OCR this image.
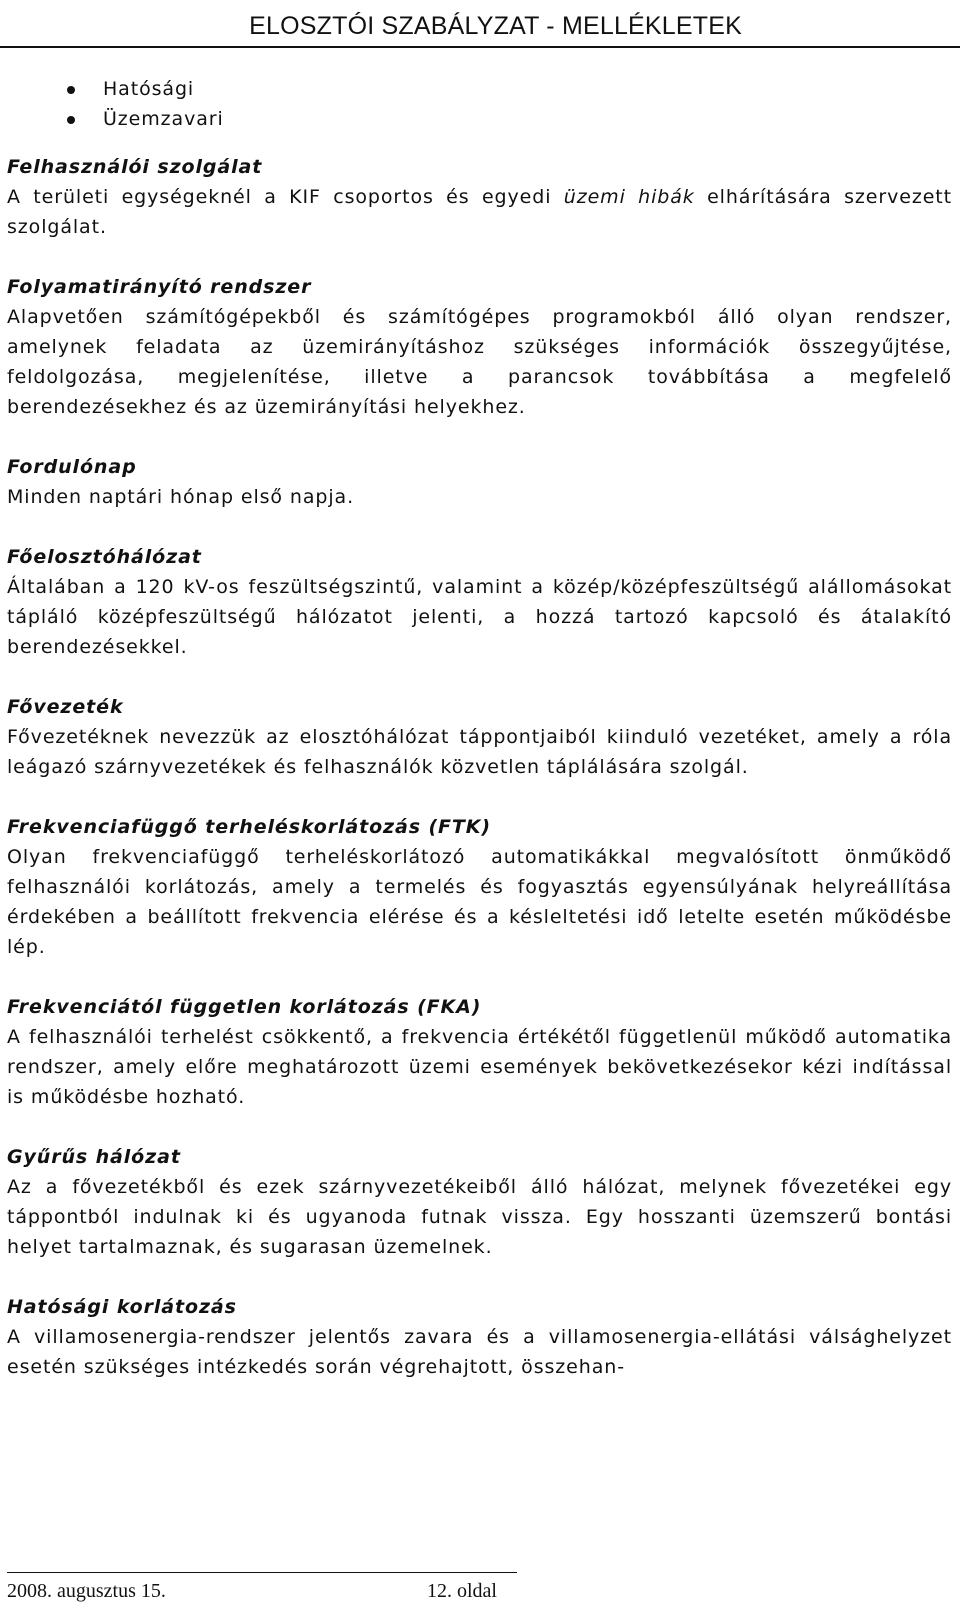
ELOSZTÓI SZABÁLYZAT - MELLÉKLETEK
Hatósági
Üzemzavari

Felhasználói szolgálat

A területi egységeknél a KIF csoportos és egyedi üzemi hibák elhárítására szervezett szolgálat.

Folyamatirányító rendszer

Alapvetően számítógépekből és számítógépes programokból álló olyan rendszer, amelynek feladata az üzemirányításhoz szükséges információk összegyűjtése, feldolgozása, megjelenítése, illetve a parancsok továbbítása a megfelelő berendezésekhez és az üzemirányítási helyekhez.

Fordulónap

Minden naptári hónap első napja.

Főelosztóhálózat

Általában a 120 kV-os feszültségszintű, valamint a közép/középfeszültségű alállomásokat tápláló középfeszültségű hálózatot jelenti, a hozzá tartozó kapcsoló és átalakító berendezésekkel.

Fővezeték

Fővezetéknek nevezzük az elosztóhálózat táppontjaiból kiinduló vezetéket, amely a róla leágazó szárnyvezetékek és felhasználók közvetlen táplálására szolgál.

Frekvenciafüggő terheléskorlátozás (FTK)

Olyan frekvenciafüggő terheléskorlátozó automatikákkal megvalósított önműködő felhasználói korlátozás, amely a termelés és fogyasztás egyensúlyának helyreállítása érdekében a beállított frekvencia elérése és a késleltetési idő letelte esetén működésbe lép.

Frekvenciától független korlátozás (FKA)

A felhasználói terhelést csökkentő, a frekvencia értékétől függetlenül működő automatika rendszer, amely előre meghatározott üzemi események bekövetkezésekor kézi indítással is működésbe hozható.

Gyűrűs hálózat

Az a fővezetékből és ezek szárnyvezetékeiből álló hálózat, melynek fővezetékei egy táppontból indulnak ki és ugyanoda futnak vissza. Egy hosszanti üzemszerű bontási helyet tartalmaznak, és sugarasan üzemelnek.

Hatósági korlátozás

A villamosenergia-rendszer jelentős zavara és a villamosenergia-ellátási válsághelyzet esetén szükséges intézkedés során végrehajtott, összehan-

2008. augusztus 15.	12. oldal
